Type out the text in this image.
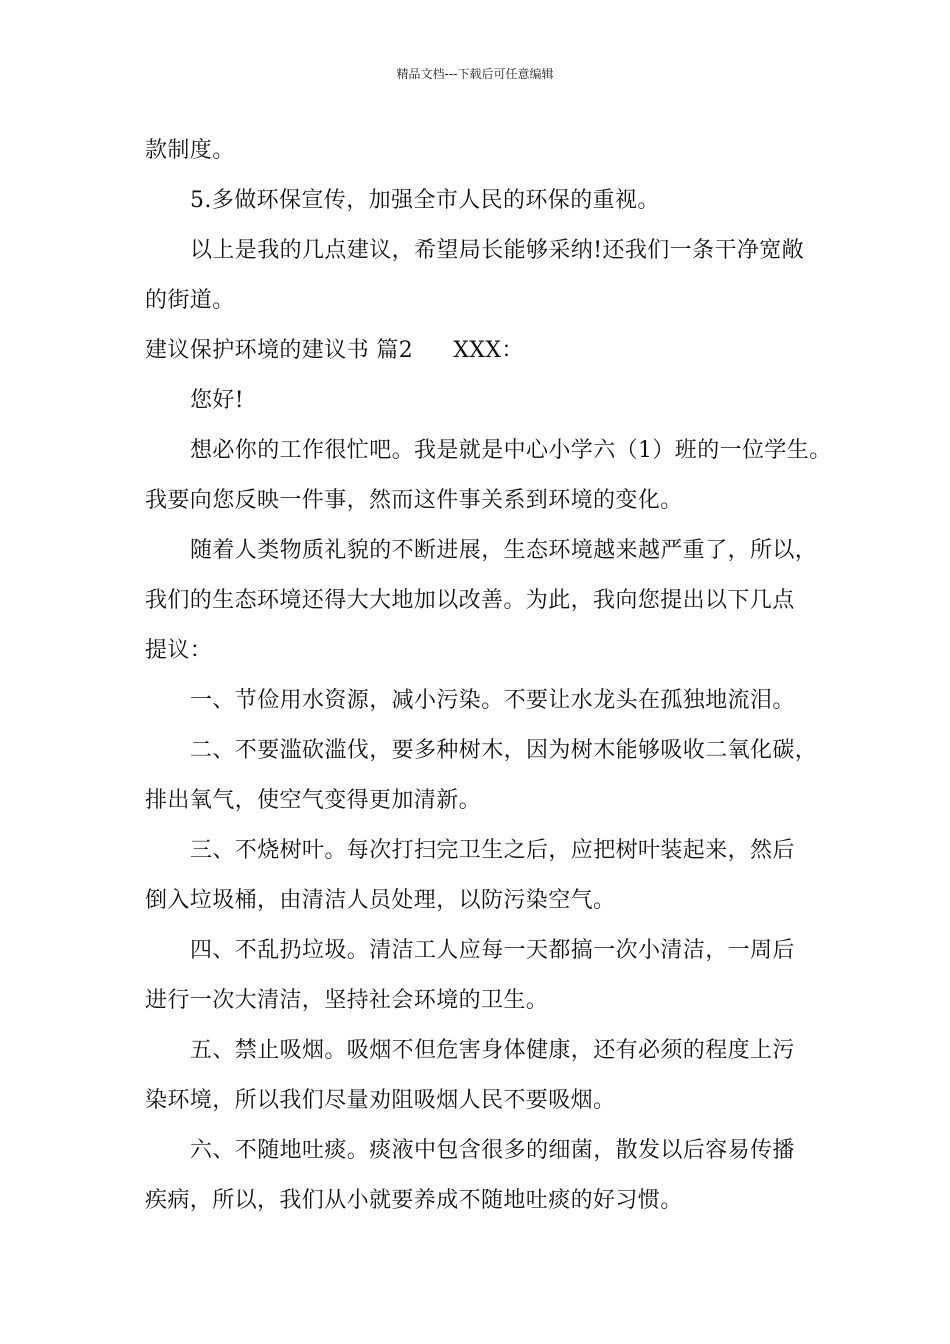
精品文档---下载后可任意编辑
款制度。
5.多做环保宣传，加强全市人民的环保的重视。
以上是我的几点建议，希望局长能够采纳!还我们一条干净宽敞
的街道。
建议保护环境的建议书 篇2 XXX：
您好!
想必你的工作很忙吧。我是就是中心小学六（1）班的一位学生。
我要向您反映一件事，然而这件事关系到环境的变化。
随着人类物质礼貌的不断进展，生态环境越来越严重了，所以，
我们的生态环境还得大大地加以改善。为此，我向您提出以下几点
提议：
一、节俭用水资源，减小污染。不要让水龙头在孤独地流泪。
二、不要滥砍滥伐，要多种树木，因为树木能够吸收二氧化碳，
排出氧气，使空气变得更加清新。
三、不烧树叶。每次打扫完卫生之后，应把树叶装起来，然后
倒入垃圾桶，由清洁人员处理，以防污染空气。
四、不乱扔垃圾。清洁工人应每一天都搞一次小清洁，一周后
进行一次大清洁，坚持社会环境的卫生。
五、禁止吸烟。吸烟不但危害身体健康，还有必须的程度上污
染环境，所以我们尽量劝阻吸烟人民不要吸烟。
六、不随地吐痰。痰液中包含很多的细菌，散发以后容易传播
疾病，所以，我们从小就要养成不随地吐痰的好习惯。
